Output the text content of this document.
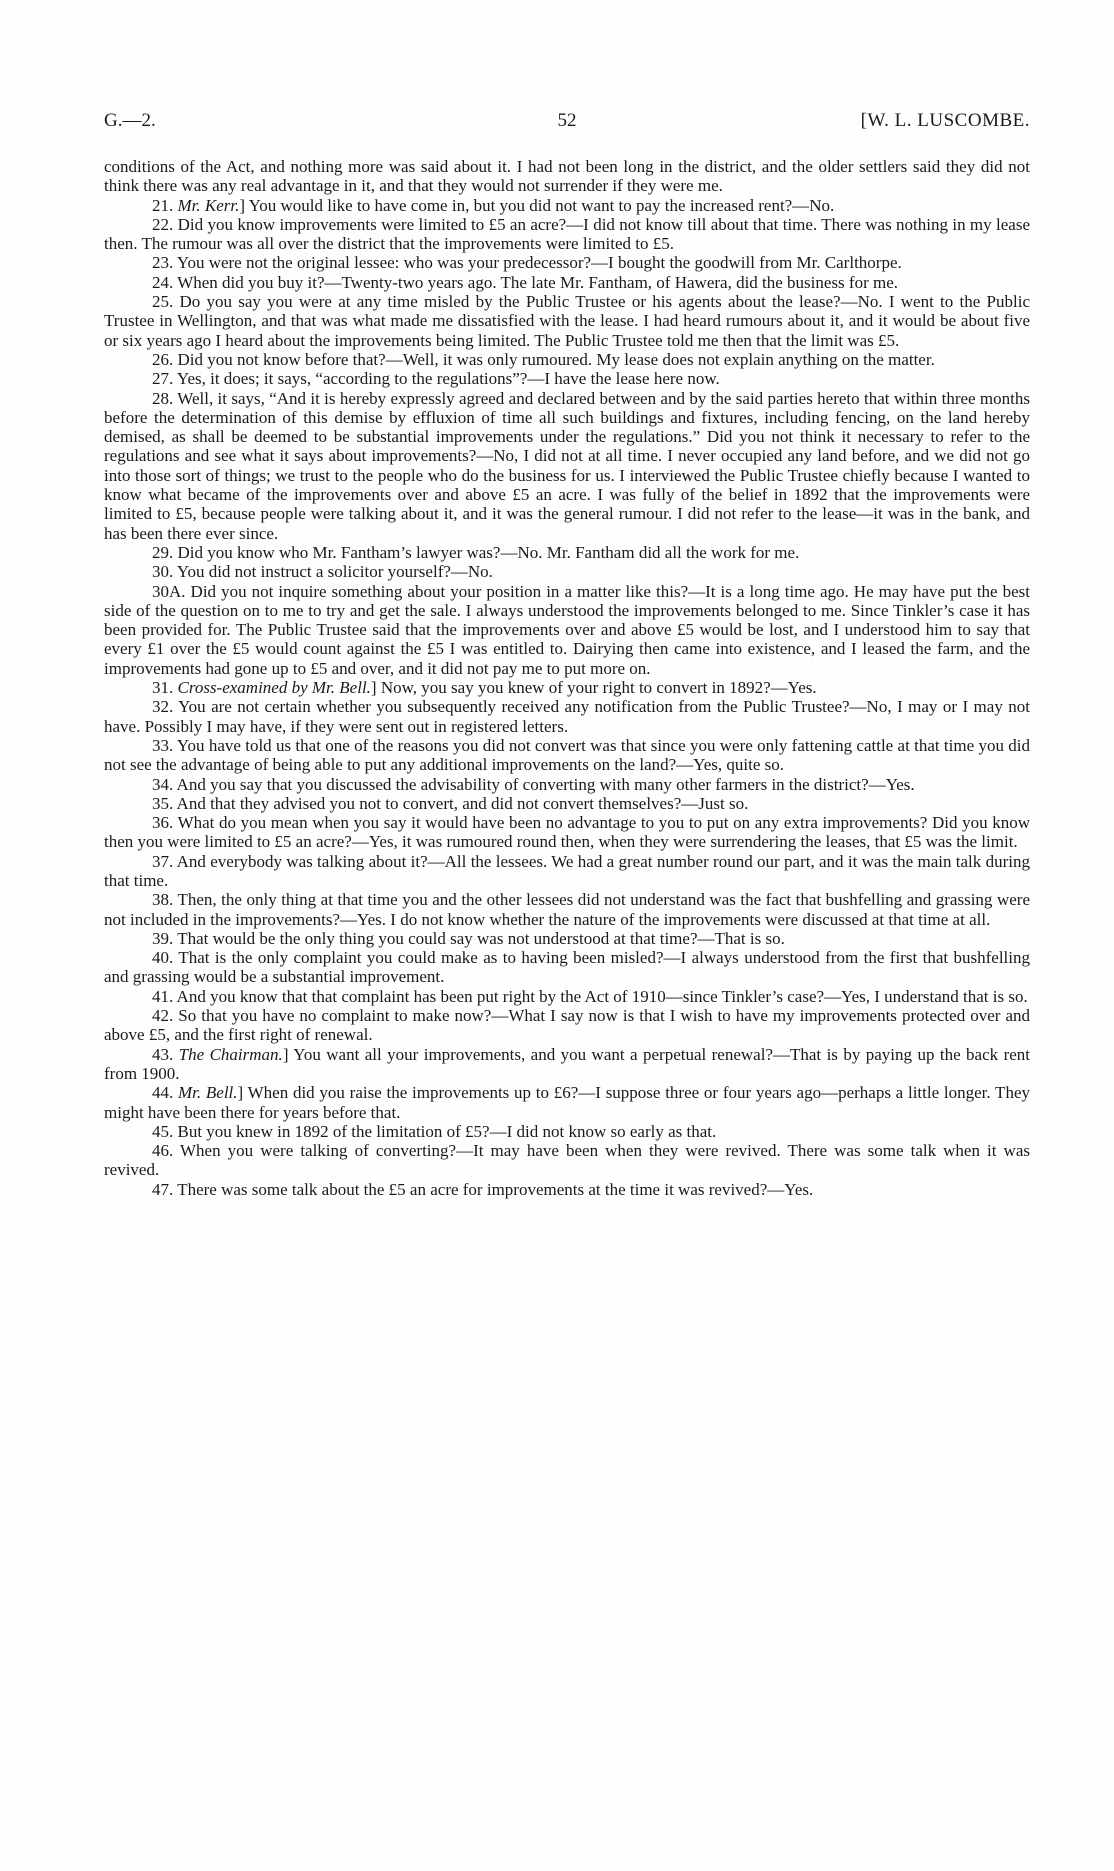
G.—2.	52	[W. L. LUSCOMBE.

conditions of the Act, and nothing more was said about it. I had not been long in the district, and the older settlers said they did not think there was any real advantage in it, and that they would not surrender if they were me.

21. Mr. Kerr.] You would like to have come in, but you did not want to pay the increased rent?—No.

22. Did you know improvements were limited to £5 an acre?—I did not know till about that time. There was nothing in my lease then. The rumour was all over the district that the improvements were limited to £5.

23. You were not the original lessee: who was your predecessor?—I bought the goodwill from Mr. Carlthorpe.

24. When did you buy it?—Twenty-two years ago. The late Mr. Fantham, of Hawera, did the business for me.

25. Do you say you were at any time misled by the Public Trustee or his agents about the lease?—No. I went to the Public Trustee in Wellington, and that was what made me dissatisfied with the lease. I had heard rumours about it, and it would be about five or six years ago I heard about the improvements being limited. The Public Trustee told me then that the limit was £5.

26. Did you not know before that?—Well, it was only rumoured. My lease does not explain anything on the matter.

27. Yes, it does; it says, “according to the regulations”?—I have the lease here now.

28. Well, it says, “And it is hereby expressly agreed and declared between and by the said parties hereto that within three months before the determination of this demise by effluxion of time all such buildings and fixtures, including fencing, on the land hereby demised, as shall be deemed to be substantial improvements under the regulations.” Did you not think it necessary to refer to the regulations and see what it says about improvements?—No, I did not at all time. I never occupied any land before, and we did not go into those sort of things; we trust to the people who do the business for us. I interviewed the Public Trustee chiefly because I wanted to know what became of the improvements over and above £5 an acre. I was fully of the belief in 1892 that the improvements were limited to £5, because people were talking about it, and it was the general rumour. I did not refer to the lease—it was in the bank, and has been there ever since.

29. Did you know who Mr. Fantham’s lawyer was?—No. Mr. Fantham did all the work for me.

30. You did not instruct a solicitor yourself?—No.

30A. Did you not inquire something about your position in a matter like this?—It is a long time ago. He may have put the best side of the question on to me to try and get the sale. I always understood the improvements belonged to me. Since Tinkler’s case it has been provided for. The Public Trustee said that the improvements over and above £5 would be lost, and I understood him to say that every £1 over the £5 would count against the £5 I was entitled to. Dairying then came into existence, and I leased the farm, and the improvements had gone up to £5 and over, and it did not pay me to put more on.

31. Cross-examined by Mr. Bell.] Now, you say you knew of your right to convert in 1892?—Yes.

32. You are not certain whether you subsequently received any notification from the Public Trustee?—No, I may or I may not have. Possibly I may have, if they were sent out in registered letters.

33. You have told us that one of the reasons you did not convert was that since you were only fattening cattle at that time you did not see the advantage of being able to put any additional improvements on the land?—Yes, quite so.

34. And you say that you discussed the advisability of converting with many other farmers in the district?—Yes.

35. And that they advised you not to convert, and did not convert themselves?—Just so.

36. What do you mean when you say it would have been no advantage to you to put on any extra improvements? Did you know then you were limited to £5 an acre?—Yes, it was rumoured round then, when they were surrendering the leases, that £5 was the limit.

37. And everybody was talking about it?—All the lessees. We had a great number round our part, and it was the main talk during that time.

38. Then, the only thing at that time you and the other lessees did not understand was the fact that bushfelling and grassing were not included in the improvements?—Yes. I do not know whether the nature of the improvements were discussed at that time at all.

39. That would be the only thing you could say was not understood at that time?—That is so.

40. That is the only complaint you could make as to having been misled?—I always understood from the first that bushfelling and grassing would be a substantial improvement.

41. And you know that that complaint has been put right by the Act of 1910—since Tinkler’s case?—Yes, I understand that is so.

42. So that you have no complaint to make now?—What I say now is that I wish to have my improvements protected over and above £5, and the first right of renewal.

43. The Chairman.] You want all your improvements, and you want a perpetual renewal?—That is by paying up the back rent from 1900.

44. Mr. Bell.] When did you raise the improvements up to £6?—I suppose three or four years ago—perhaps a little longer. They might have been there for years before that.

45. But you knew in 1892 of the limitation of £5?—I did not know so early as that.

46. When you were talking of converting?—It may have been when they were revived. There was some talk when it was revived.

47. There was some talk about the £5 an acre for improvements at the time it was revived?—Yes.
